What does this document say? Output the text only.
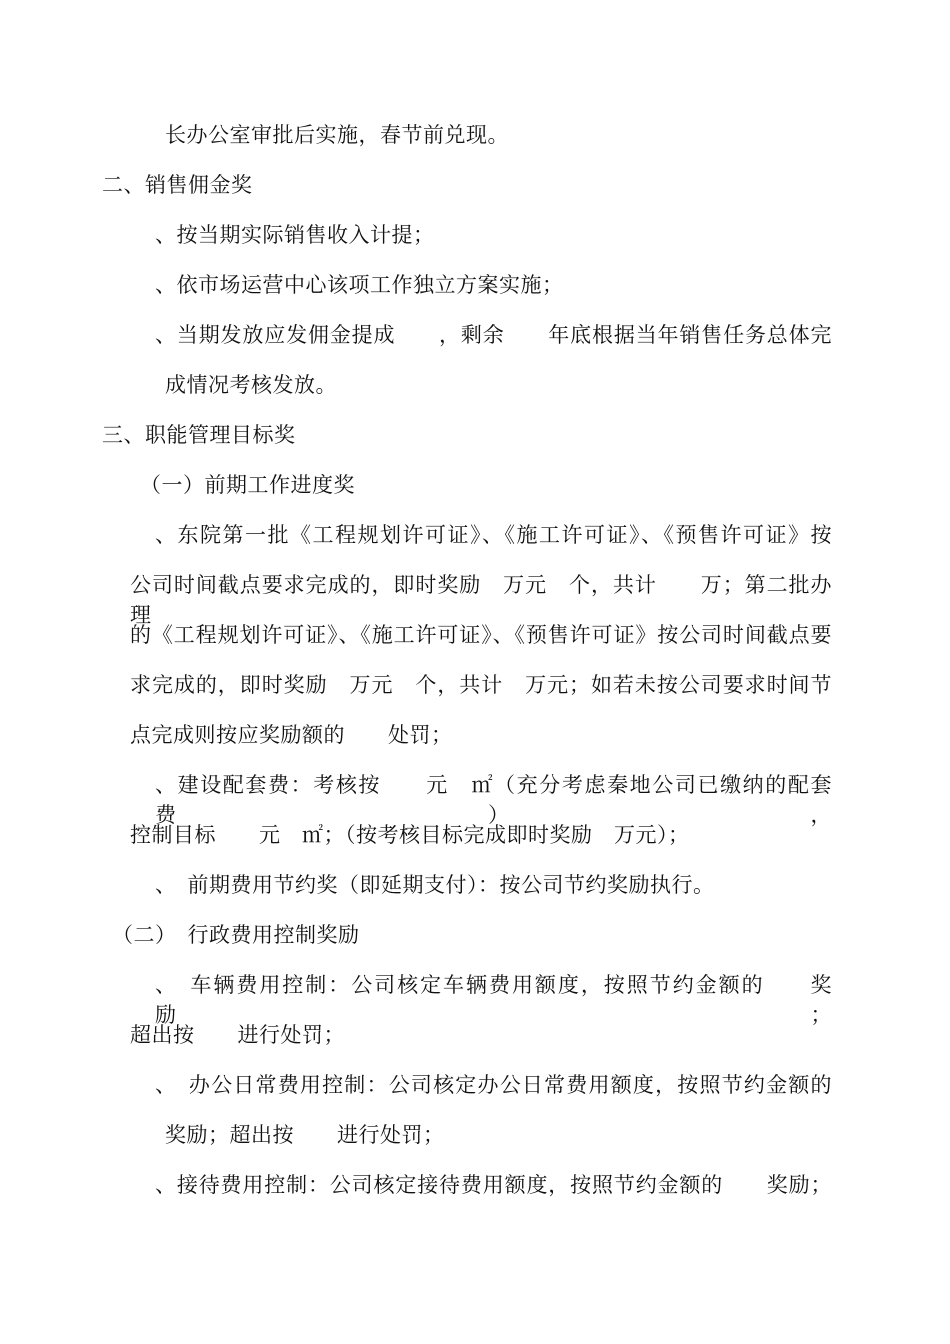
长办公室审批后实施，春节前兑现。
二、销售佣金奖
、按当期实际销售收入计提；
、依市场运营中心该项工作独立方案实施；
、当期发放应发佣金提成　　，剩余　　年底根据当年销售任务总体完
成情况考核发放。
三、职能管理目标奖
（一）前期工作进度奖
、东院第一批《工程规划许可证》、《施工许可证》、《预售许可证》按
公司时间截点要求完成的，即时奖励　万元　个，共计　　万；第二批办理
的《工程规划许可证》、《施工许可证》、《预售许可证》按公司时间截点要
求完成的，即时奖励　万元　个，共计　万元；如若未按公司要求时间节
点完成则按应奖励额的　　处罚；
、建设配套费：考核按　　元　㎡（充分考虑秦地公司已缴纳的配套费），
控制目标　　元　㎡；（按考核目标完成即时奖励　万元）；
、　前期费用节约奖（即延期支付）：按公司节约奖励执行。
（二）　行政费用控制奖励
、　车辆费用控制：公司核定车辆费用额度，按照节约金额的　　奖励；
超出按　　进行处罚；
、　办公日常费用控制：公司核定办公日常费用额度，按照节约金额的
奖励；超出按　　进行处罚；
、接待费用控制：公司核定接待费用额度，按照节约金额的　　奖励；
